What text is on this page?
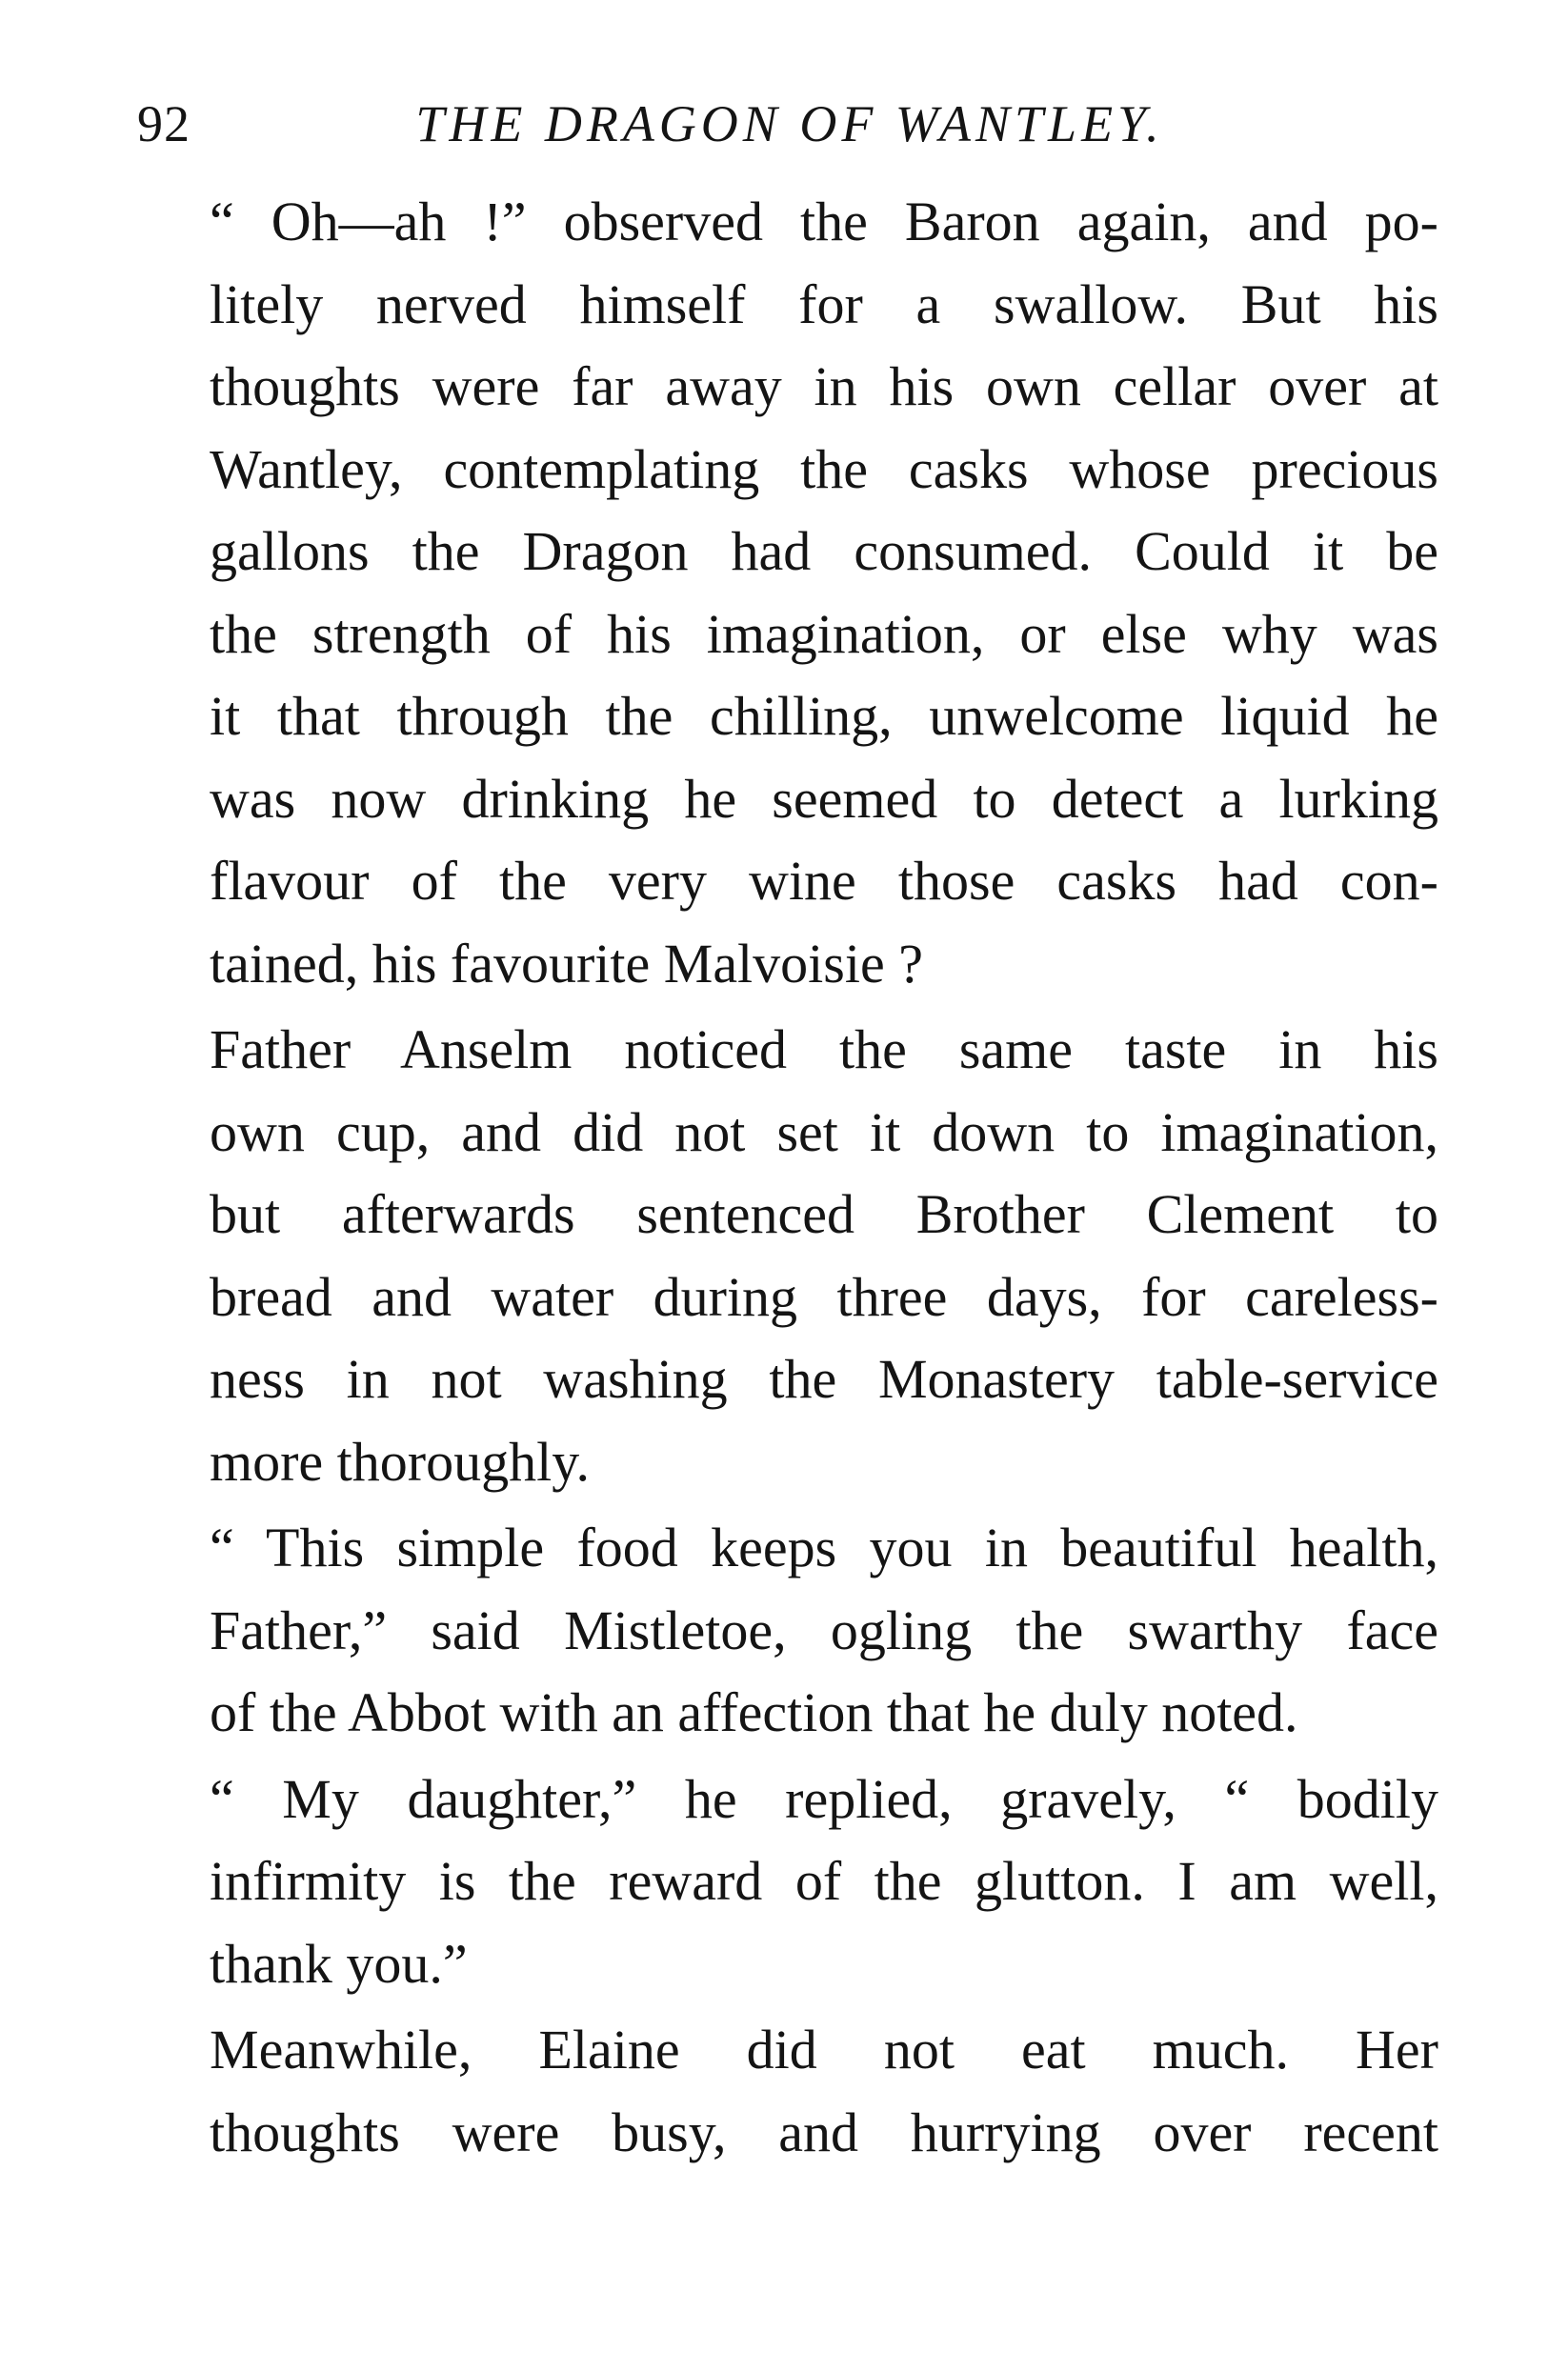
92	THE DRAGON OF WANTLEY.

“ Oh—ah !” observed the Baron again, and po-
litely nerved himself for a swallow. But his
thoughts were far away in his own cellar over at
Wantley, contemplating the casks whose precious
gallons the Dragon had consumed. Could it be
the strength of his imagination, or else why was
it that through the chilling, unwelcome liquid he
was now drinking he seemed to detect a lurking
flavour of the very wine those casks had con-
tained, his favourite Malvoisie ?

Father Anselm noticed the same taste in his
own cup, and did not set it down to imagination,
but afterwards sentenced Brother Clement to
bread and water during three days, for careless-
ness in not washing the Monastery table-service
more thoroughly.

“ This simple food keeps you in beautiful health,
Father,” said Mistletoe, ogling the swarthy face
of the Abbot with an affection that he duly noted.

“ My daughter,” he replied, gravely, “ bodily
infirmity is the reward of the glutton. I am well,
thank you.”

Meanwhile, Elaine did not eat much. Her
thoughts were busy, and hurrying over recent
